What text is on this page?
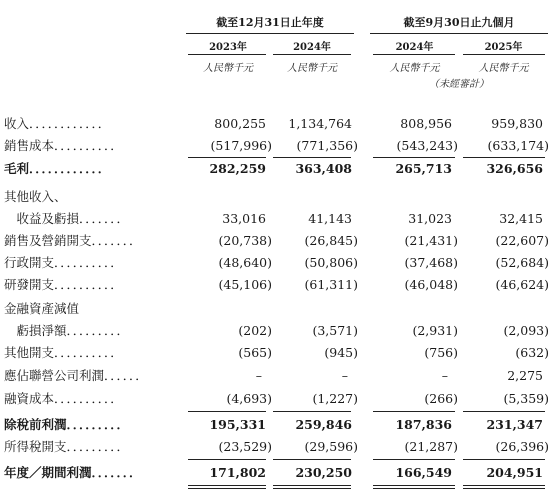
截至12月31日止年度	截至9月30日止九個月
2023年	2024年	2024年	2025年
人民幣千元	人民幣千元	人民幣千元	人民幣千元
（未經審計）
收入．．．．．．．．．．．．	800,255	1,134,764	808,956	959,830
銷售成本．．．．．．．．．．	(517,996)	(771,356)	(543,243)	(633,174)
毛利．．．．．．．．．．．．	282,259	363,408	265,713	326,656
其他收入、
　收益及虧損．．．．．．．	33,016	41,143	31,023	32,415
銷售及營銷開支．．．．．．．	(20,738)	(26,845)	(21,431)	(22,607)
行政開支．．．．．．．．．．	(48,640)	(50,806)	(37,468)	(52,684)
研發開支．．．．．．．．．．	(45,106)	(61,311)	(46,048)	(46,624)
金融資產減值
　虧損淨額．．．．．．．．．	(202)	(3,571)	(2,931)	(2,093)
其他開支．．．．．．．．．．	(565)	(945)	(756)	(632)
應佔聯營公司利潤．．．．．．	–	–	–	2,275
融資成本．．．．．．．．．．	(4,693)	(1,227)	(266)	(5,359)
除稅前利潤．．．．．．．．．	195,331	259,846	187,836	231,347
所得稅開支．．．．．．．．．	(23,529)	(29,596)	(21,287)	(26,396)
年度／期間利潤．．．．．．．	171,802	230,250	166,549	204,951
